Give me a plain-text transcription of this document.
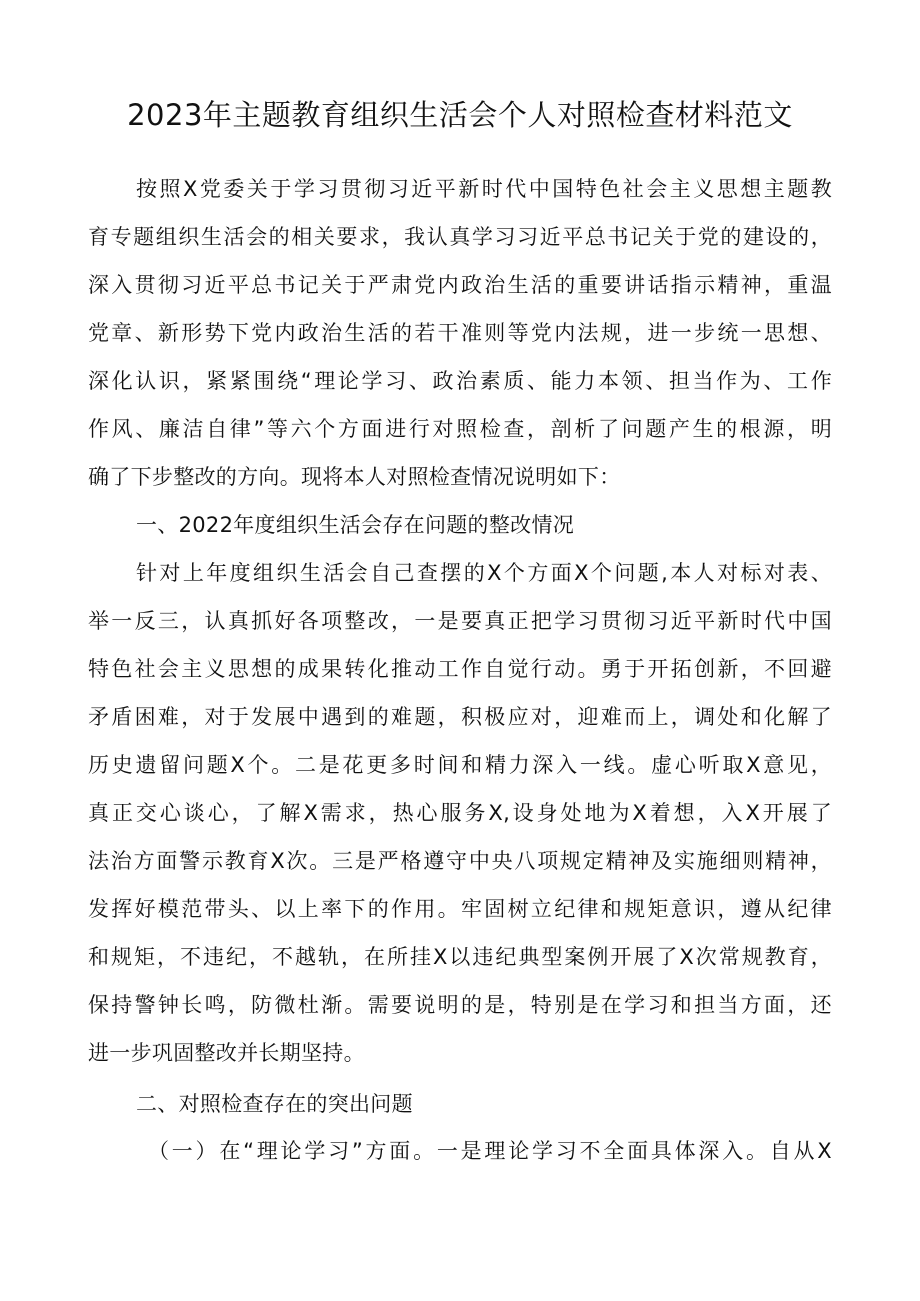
2023年主题教育组织生活会个人对照检查材料范文
按照X党委关于学习贯彻习近平新时代中国特色社会主义思想主题教
育专题组织生活会的相关要求，我认真学习习近平总书记关于党的建设的，
深入贯彻习近平总书记关于严肃党内政治生活的重要讲话指示精神，重温
党章、新形势下党内政治生活的若干准则等党内法规，进一步统一思想、
深化认识，紧紧围绕“理论学习、政治素质、能力本领、担当作为、工作
作风、廉洁自律”等六个方面进行对照检查，剖析了问题产生的根源，明
确了下步整改的方向。现将本人对照检查情况说明如下：
一、2022年度组织生活会存在问题的整改情况
针对上年度组织生活会自己查摆的X个方面X个问题,本人对标对表、
举一反三，认真抓好各项整改，一是要真正把学习贯彻习近平新时代中国
特色社会主义思想的成果转化推动工作自觉行动。勇于开拓创新，不回避
矛盾困难，对于发展中遇到的难题，积极应对，迎难而上，调处和化解了
历史遗留问题X个。二是花更多时间和精力深入一线。虚心听取X意见，
真正交心谈心，了解X需求，热心服务X,设身处地为X着想，入X开展了
法治方面警示教育X次。三是严格遵守中央八项规定精神及实施细则精神，
发挥好模范带头、以上率下的作用。牢固树立纪律和规矩意识，遵从纪律
和规矩，不违纪，不越轨，在所挂X以违纪典型案例开展了X次常规教育，
保持警钟长鸣，防微杜渐。需要说明的是，特别是在学习和担当方面，还
进一步巩固整改并长期坚持。
二、对照检查存在的突出问题
（一）在“理论学习”方面。一是理论学习不全面具体深入。自从X
